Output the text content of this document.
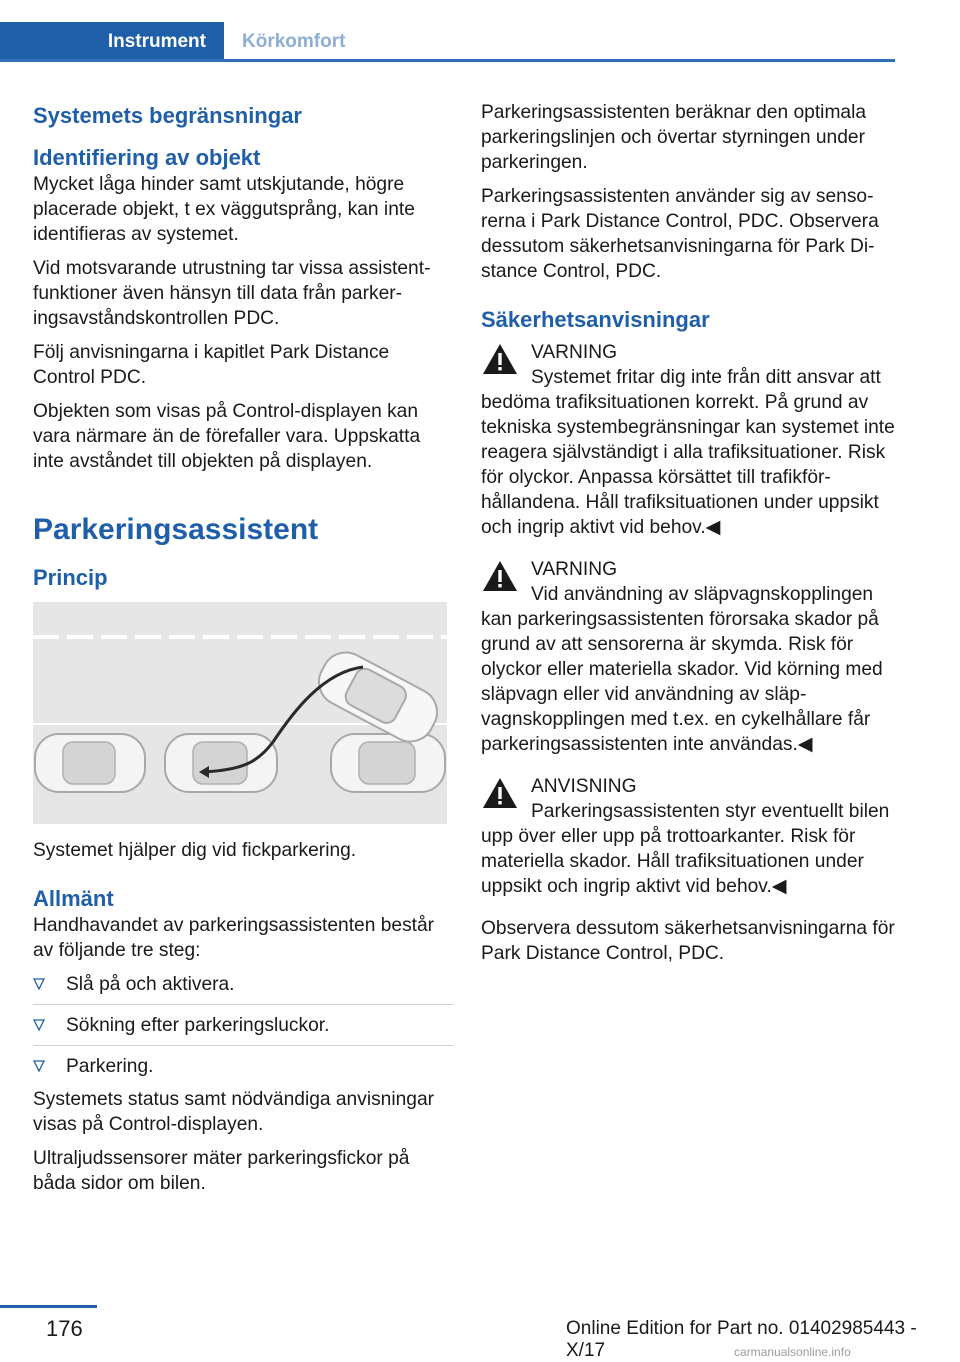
Instrument	Körkomfort
Systemets begränsningar
Identifiering av objekt

Mycket låga hinder samt utskjutande, högre placerade objekt, t ex väggutsprång, kan inte identifieras av systemet.

Vid motsvarande utrustning tar vissa assistentfunktioner även hänsyn till data från parkeringsavståndskontrollen PDC.

Följ anvisningarna i kapitlet Park Distance Control PDC.

Objekten som visas på Control-displayen kan vara närmare än de förefaller vara. Uppskatta inte avståndet till objekten på displayen.

Parkeringsassistent
Princip

Systemet hjälper dig vid fickparkering.

Allmänt

Handhavandet av parkeringsassistenten består av följande tre steg:

Slå på och aktivera.
Sökning efter parkeringsluckor.
Parkering.

Systemets status samt nödvändiga anvisningar visas på Control-displayen.

Ultraljudssensorer mäter parkeringsfickor på båda sidor om bilen.

Parkeringsassistenten beräknar den optimala parkeringslinjen och övertar styrningen under parkeringen.

Parkeringsassistenten använder sig av sensorerna i Park Distance Control, PDC. Observera dessutom säkerhetsanvisningarna för Park Distance Control, PDC.

Säkerhetsanvisningar
VARNING
Systemet fritar dig inte från ditt ansvar att bedöma trafiksituationen korrekt. På grund av tekniska systembegränsningar kan systemet inte reagera självständigt i alla trafiksituationer. Risk för olyckor. Anpassa körsättet till trafikförhållandena. Håll trafiksituationen under uppsikt och ingrip aktivt vid behov.◀
VARNING
Vid användning av släpvagnskopplingen kan parkeringsassistenten förorsaka skador på grund av att sensorerna är skymda. Risk för olyckor eller materiella skador. Vid körning med släpvagn eller vid användning av släpvagnskopplingen med t.ex. en cykelhållare får parkeringsassistenten inte användas.◀
ANVISNING
Parkeringsassistenten styr eventuellt bilen upp över eller upp på trottoarkanter. Risk för materiella skador. Håll trafiksituationen under uppsikt och ingrip aktivt vid behov.◀

Observera dessutom säkerhetsanvisningarna för Park Distance Control, PDC.

176	Online Edition for Part no. 01402985443 - X/17	carmanualsonline.info
